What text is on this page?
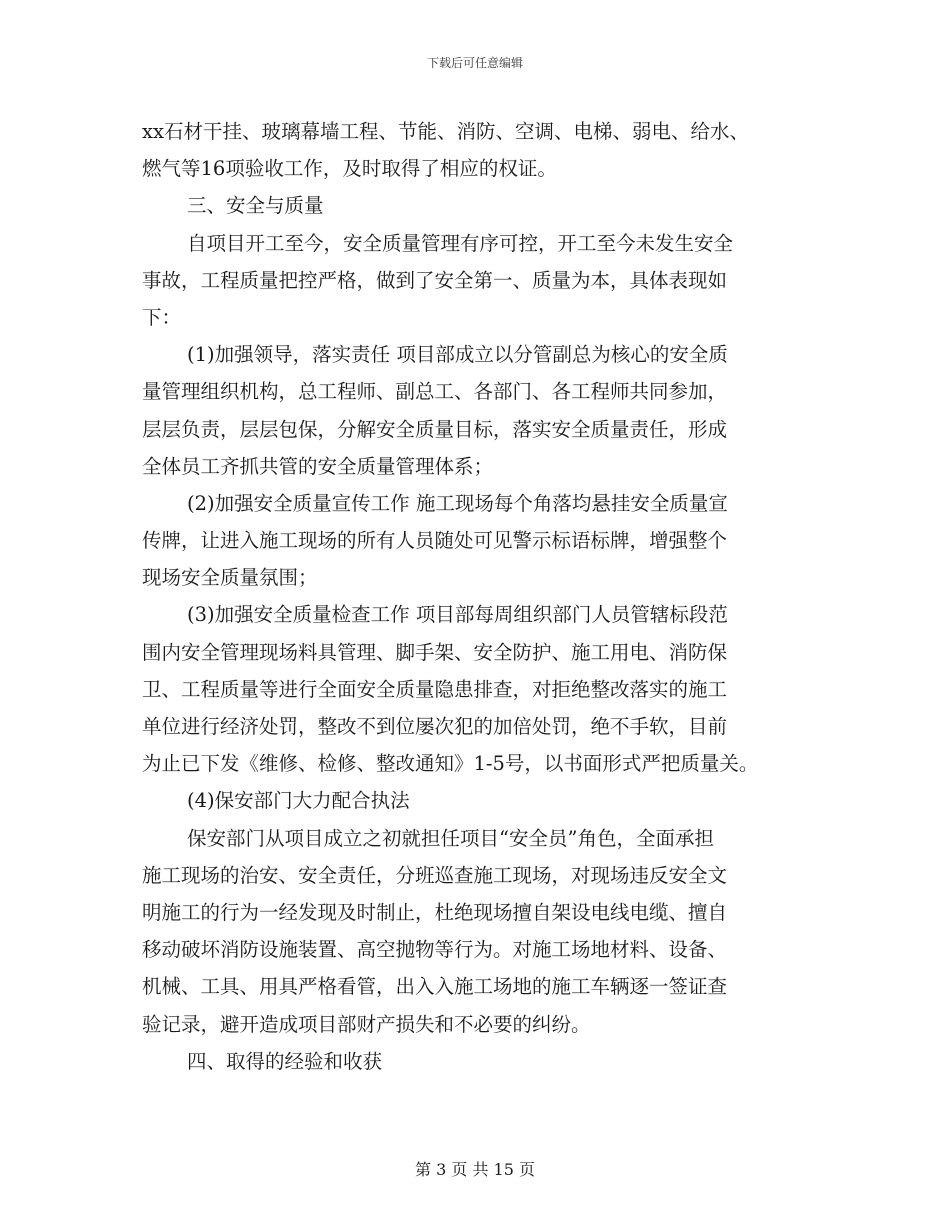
下载后可任意编辑
xx石材干挂、玻璃幕墙工程、节能、消防、空调、电梯、弱电、给水、
燃气等16项验收工作，及时取得了相应的权证。
三、安全与质量
自项目开工至今，安全质量管理有序可控，开工至今未发生安全
事故，工程质量把控严格，做到了安全第一、质量为本，具体表现如
下：
(1)加强领导，落实责任 项目部成立以分管副总为核心的安全质
量管理组织机构，总工程师、副总工、各部门、各工程师共同参加，
层层负责，层层包保，分解安全质量目标，落实安全质量责任，形成
全体员工齐抓共管的安全质量管理体系；
(2)加强安全质量宣传工作 施工现场每个角落均悬挂安全质量宣
传牌，让进入施工现场的所有人员随处可见警示标语标牌，增强整个
现场安全质量氛围；
(3)加强安全质量检查工作 项目部每周组织部门人员管辖标段范
围内安全管理现场料具管理、脚手架、安全防护、施工用电、消防保
卫、工程质量等进行全面安全质量隐患排查，对拒绝整改落实的施工
单位进行经济处罚，整改不到位屡次犯的加倍处罚，绝不手软，目前
为止已下发《维修、检修、整改通知》1-5号，以书面形式严把质量关。
(4)保安部门大力配合执法
保安部门从项目成立之初就担任项目“安全员”角色，全面承担
施工现场的治安、安全责任，分班巡查施工现场，对现场违反安全文
明施工的行为一经发现及时制止，杜绝现场擅自架设电线电缆、擅自
移动破坏消防设施装置、高空抛物等行为。对施工场地材料、设备、
机械、工具、用具严格看管，出入入施工场地的施工车辆逐一签证查
验记录，避开造成项目部财产损失和不必要的纠纷。
四、取得的经验和收获
第 3 页 共 15 页
